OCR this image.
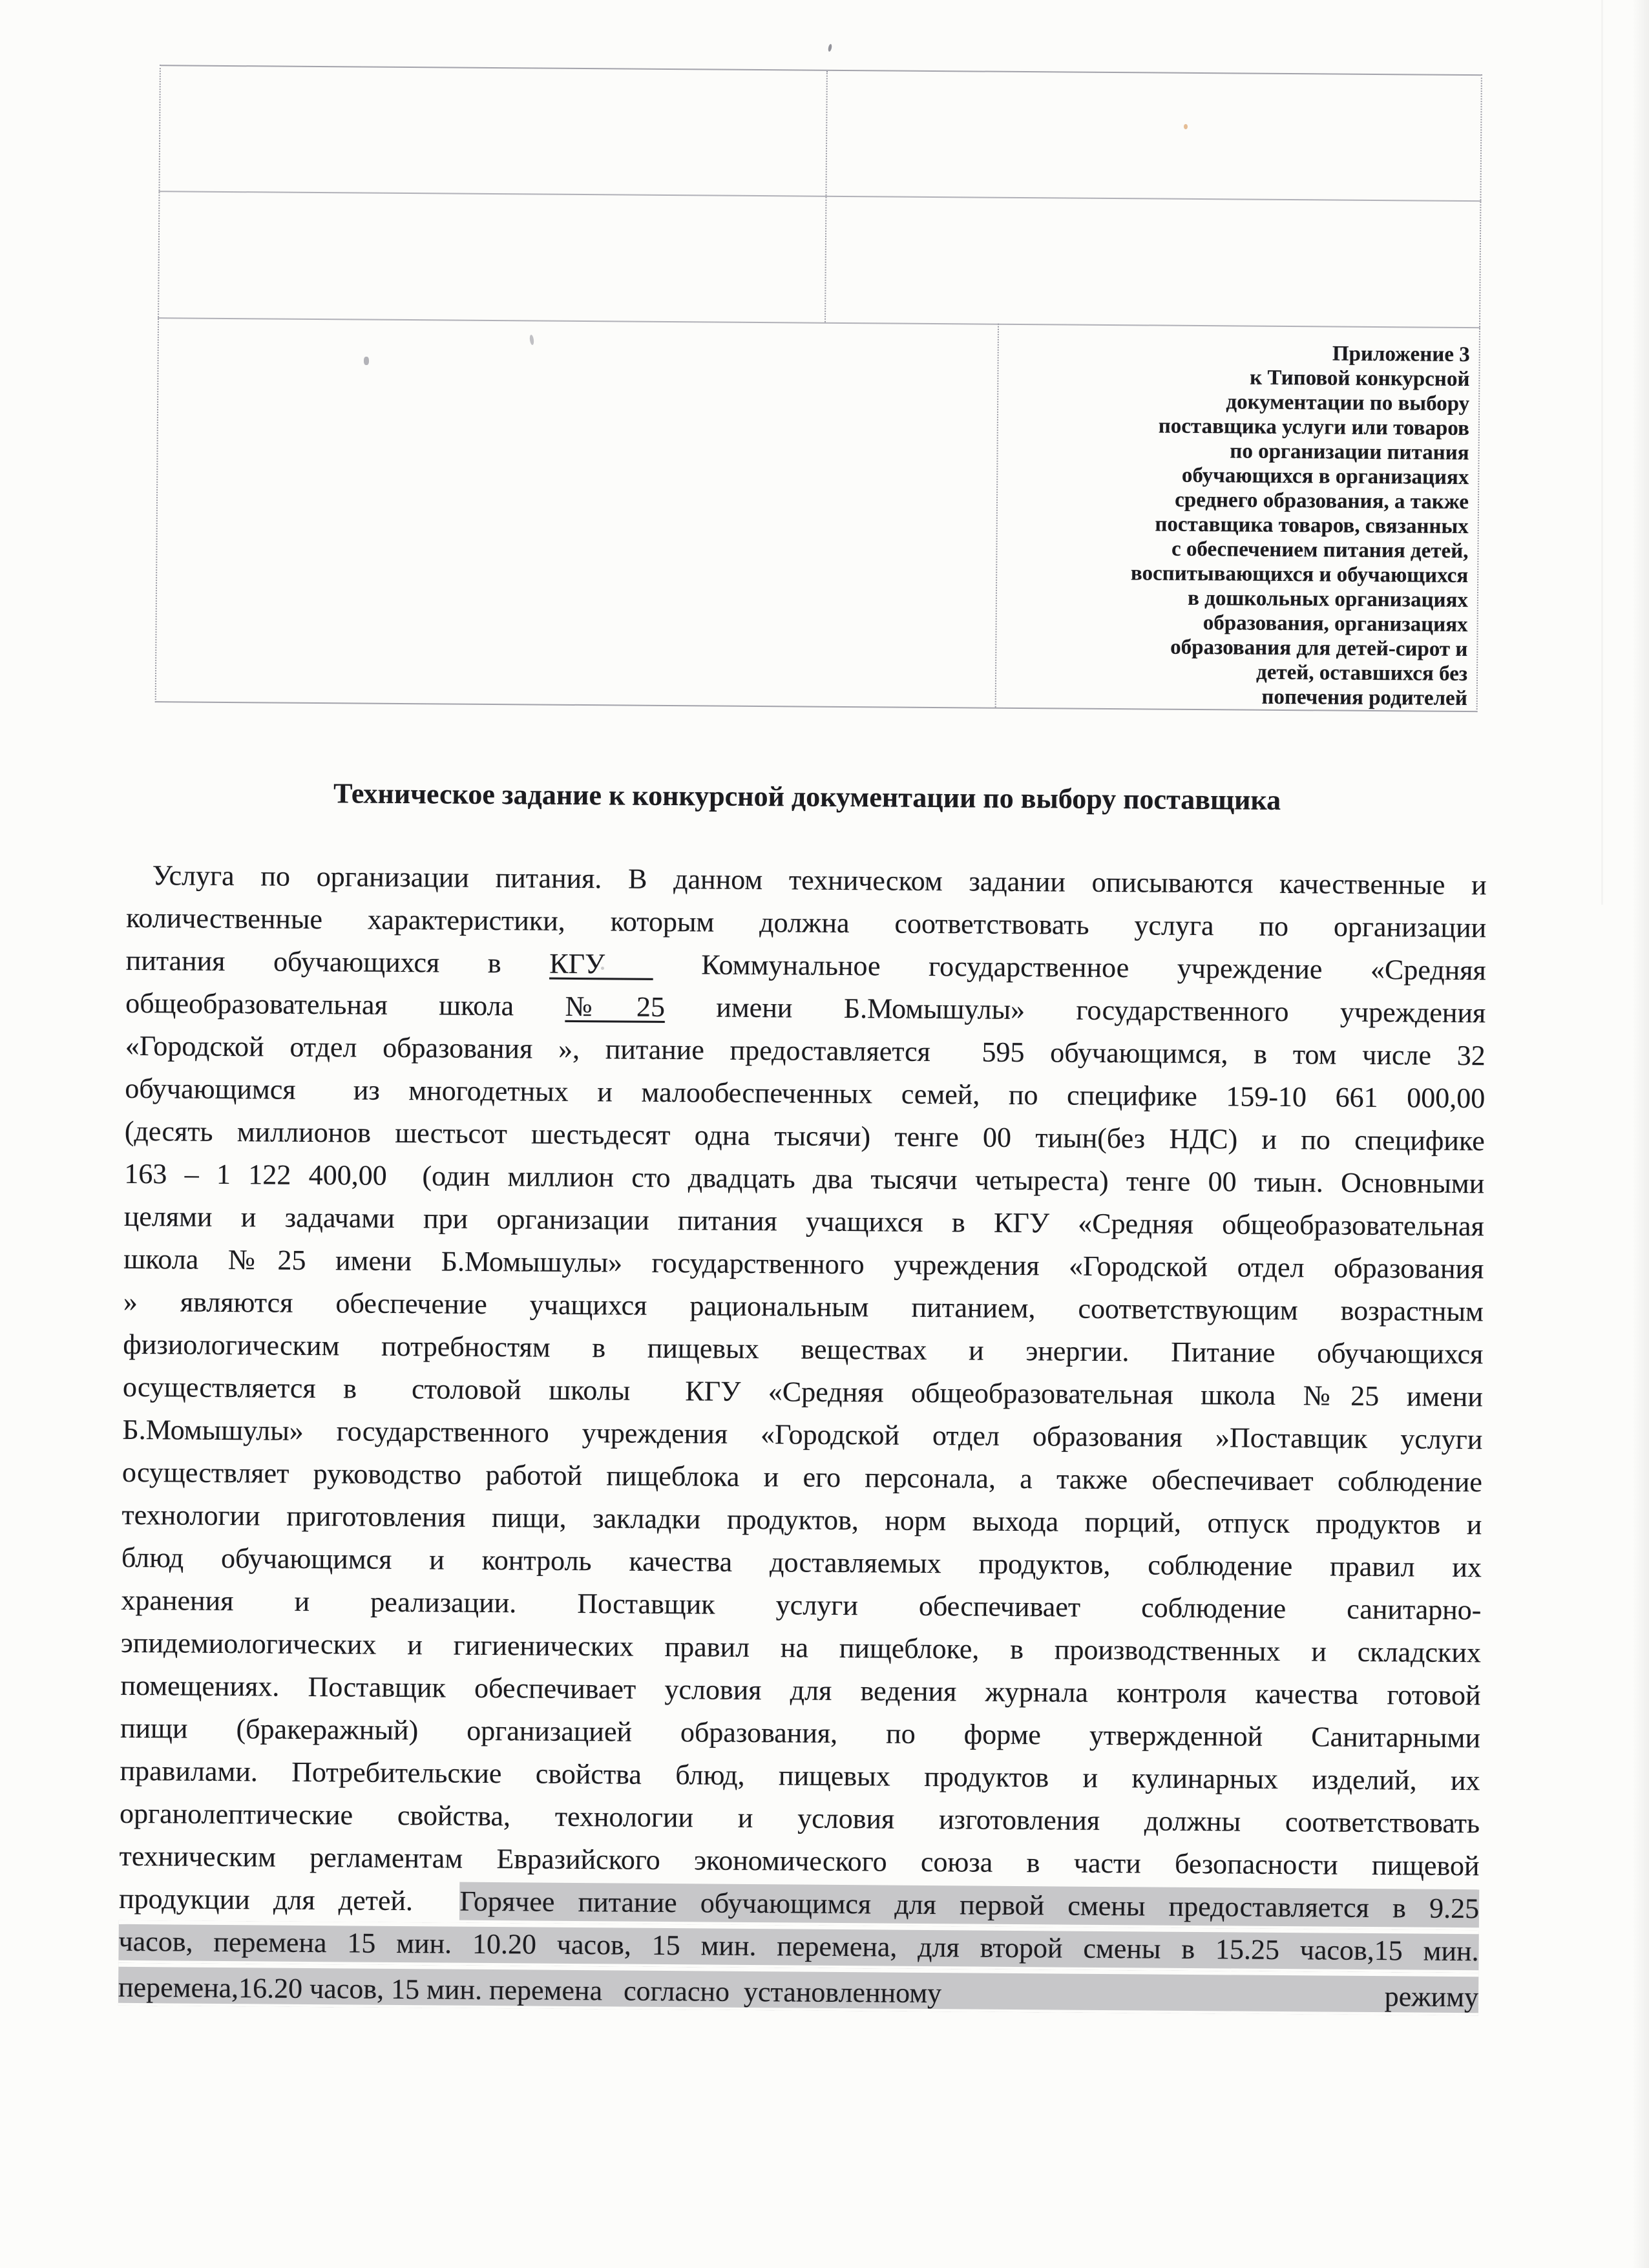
Приложение 3
к Типовой конкурсной
документации по выбору
поставщика услуги или товаров
по организации питания
обучающихся в организациях
среднего образования, а также
поставщика товаров, связанных
с обеспечением питания детей,
воспитывающихся и обучающихся
в дошкольных организациях
образования, организациях
образования для детей-сирот и
детей, оставшихся без
попечения родителей
Техническое задание к конкурсной документации по выбору поставщика
Услуга по организации питания. В данном техническом задании описываются качественные и
количественные характеристики, которым должна соответствовать услуга по организации
питания обучающихся в КГУ  Коммунальное государственное учреждение «Средняя
общеобразовательная школа №25 имени Б.Момышулы» государственного учреждения
«Городской отдел образования », питание предоставляется  595 обучающимся, в том числе 32
обучающимся  из многодетных и малообеспеченных семей, по специфике 159-10 661 000,00
(десять миллионов шестьсот шестьдесят одна тысячи) тенге 00 тиын(без НДС) и по специфике
163 – 1 122 400,00  (один миллион сто двадцать два тысячи четыреста) тенге 00 тиын. Основными
целями и задачами при организации питания учащихся в КГУ «Средняя общеобразовательная
школа №25 имени Б.Момышулы» государственного учреждения «Городской отдел образования
» являются обеспечение учащихся рациональным питанием, соответствующим возрастным
физиологическим потребностям в пищевых веществах и энергии. Питание обучающихся
осуществляется в  столовой школы  КГУ «Средняя общеобразовательная школа №25 имени
Б.Момышулы» государственного учреждения «Городской отдел образования »Поставщик услуги
осуществляет руководство работой пищеблока и его персонала, а также обеспечивает соблюдение
технологии приготовления пищи, закладки продуктов, норм выхода порций, отпуск продуктов и
блюд обучающимся и контроль качества доставляемых продуктов, соблюдение правил их
хранения и реализации. Поставщик услуги обеспечивает соблюдение санитарно-
эпидемиологических и гигиенических правил на пищеблоке, в производственных и складских
помещениях. Поставщик обеспечивает условия для ведения журнала контроля качества готовой
пищи (бракеражный) организацией образования, по форме утвержденной Санитарными
правилами. Потребительские свойства блюд, пищевых продуктов и кулинарных изделий, их
органолептические свойства, технологии и условия изготовления должны соответствовать
техническим регламентам Евразийского экономического союза в части безопасности пищевой
продукции для детей.  Горячее питание обучающимся для первой смены предоставляется в 9.25
часов, перемена 15 мин. 10.20 часов, 15 мин. перемена, для второй смены в 15.25 часов,15 мин.
перемена,16.20 часов, 15 мин. перемена   согласно  установленному	режиму
